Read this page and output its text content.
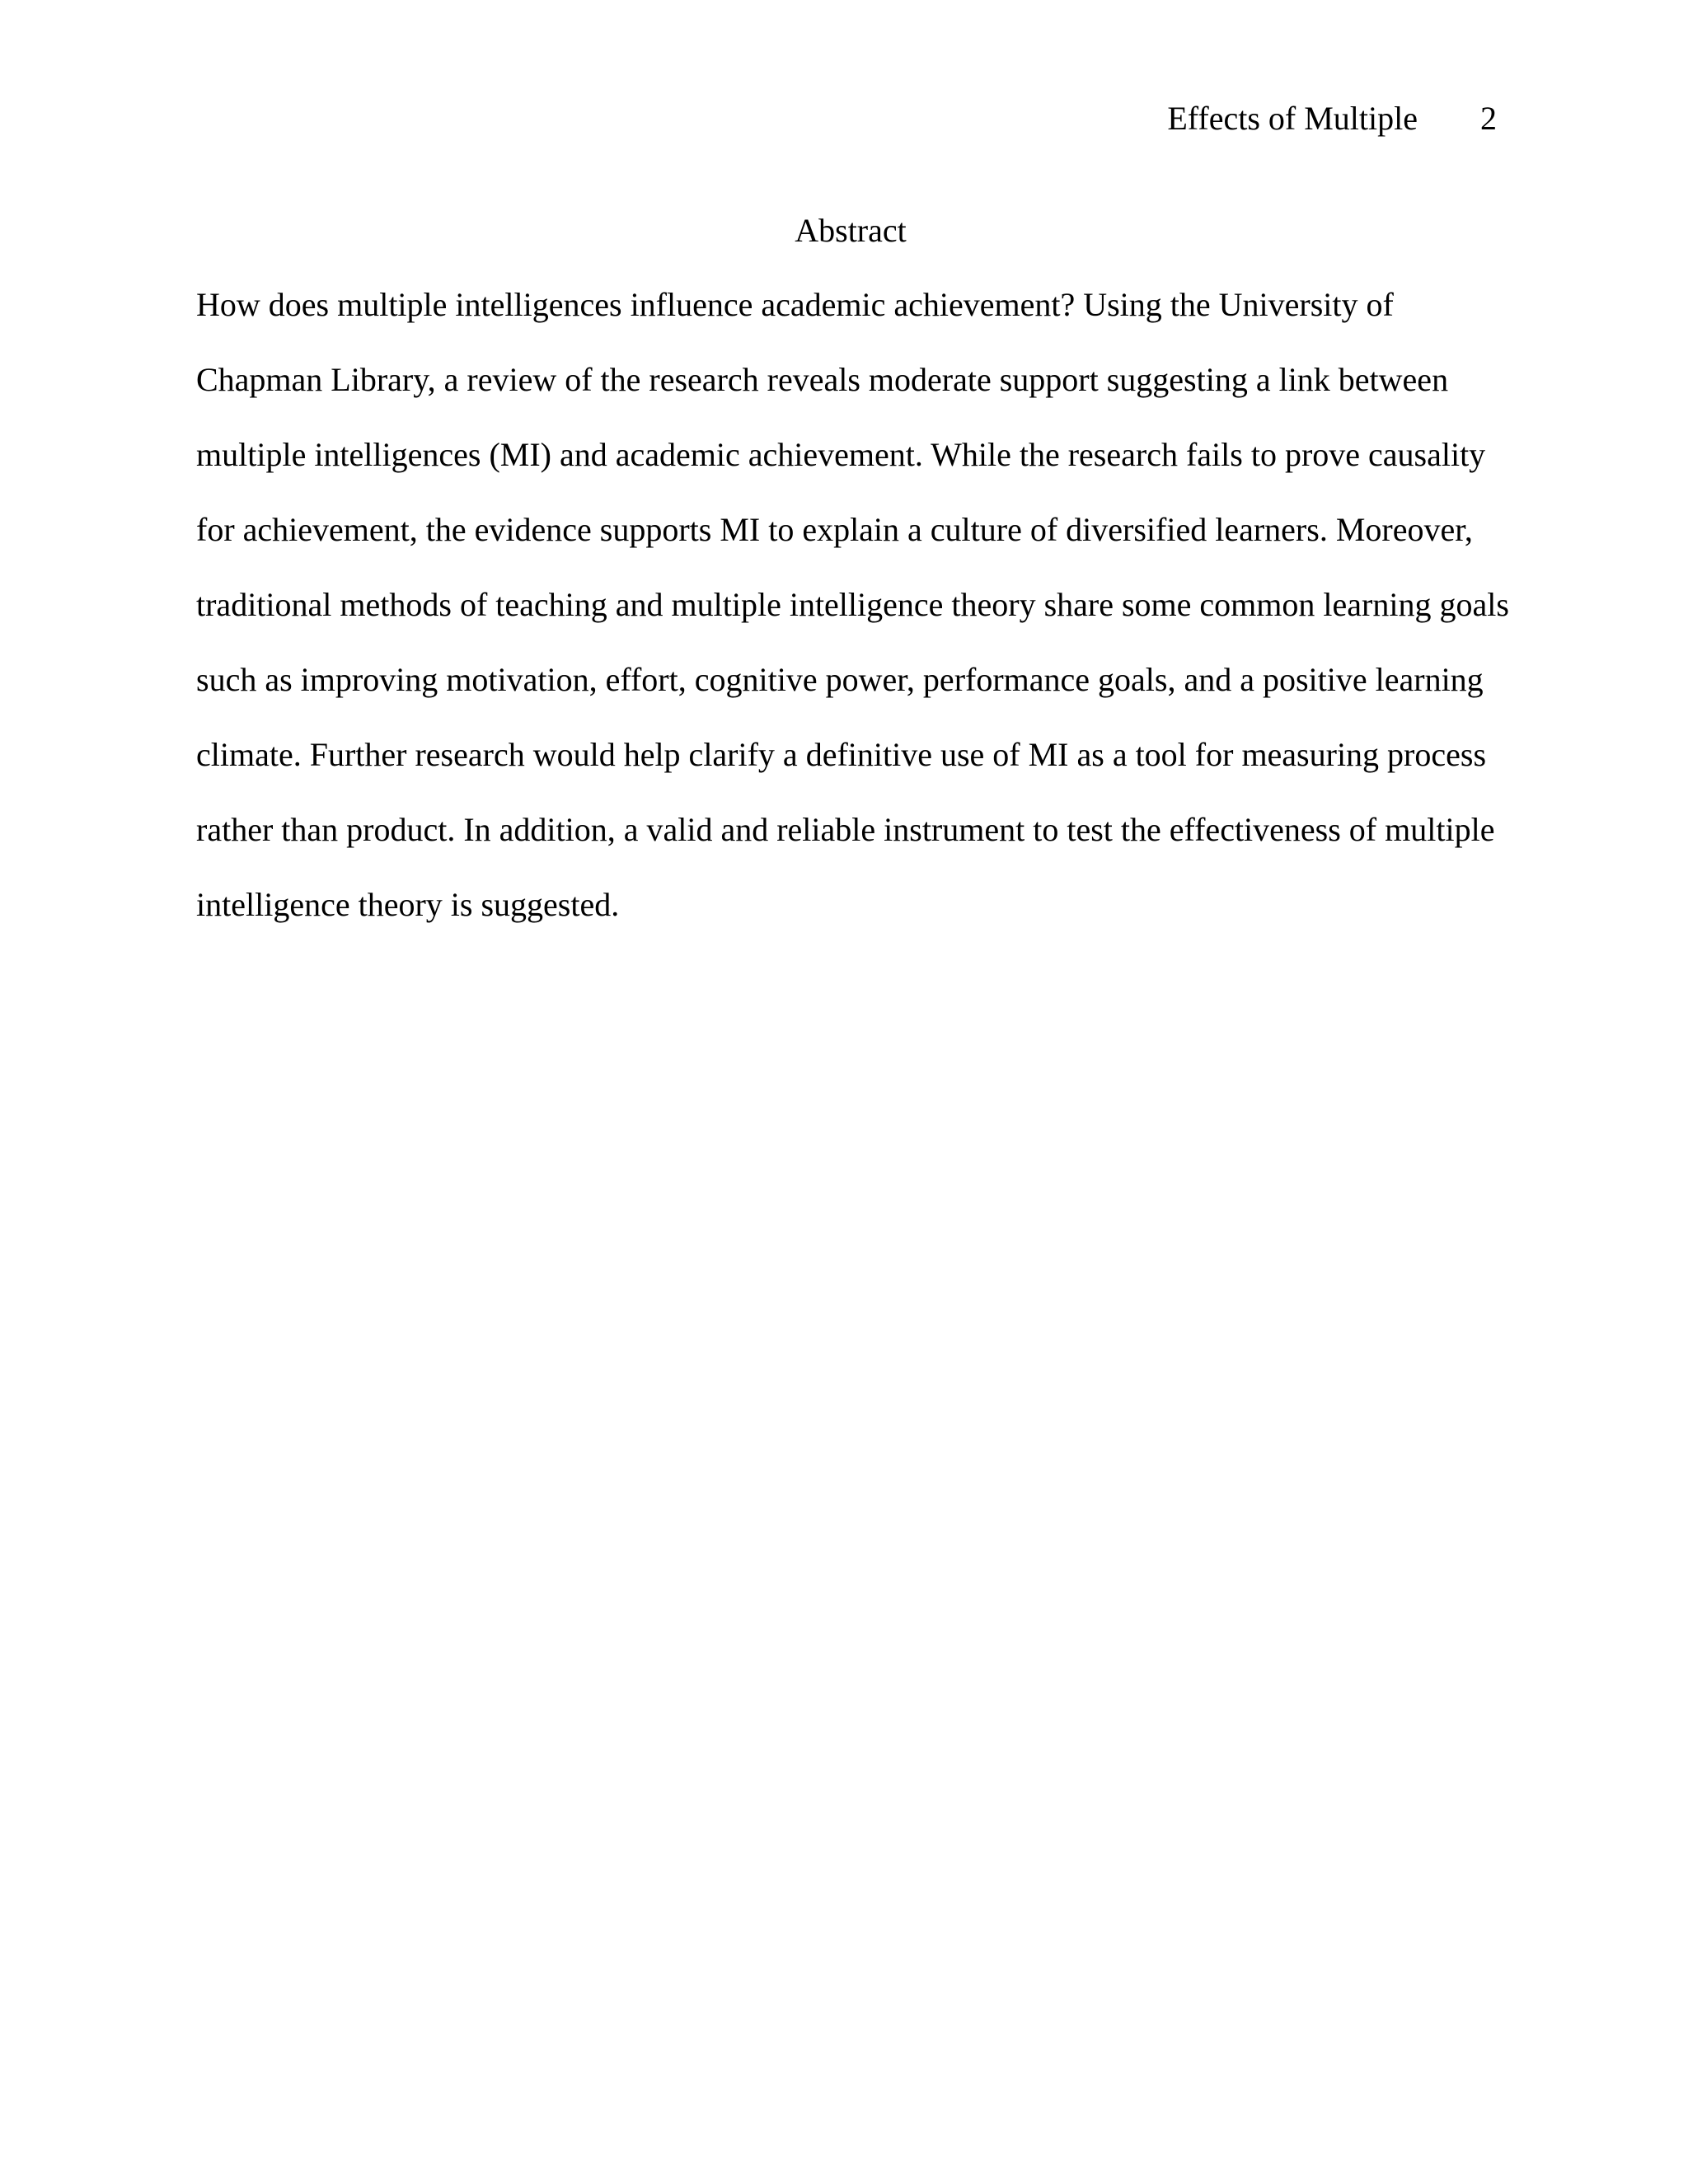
Effects of Multiple 2
Abstract
How does multiple intelligences influence academic achievement? Using the University of
Chapman Library, a review of the research reveals moderate support suggesting a link between
multiple intelligences (MI) and academic achievement. While the research fails to prove causality
for achievement, the evidence supports MI to explain a culture of diversified learners. Moreover,
traditional methods of teaching and multiple intelligence theory share some common learning goals
such as improving motivation, effort, cognitive power, performance goals, and a positive learning
climate. Further research would help clarify a definitive use of MI as a tool for measuring process
rather than product. In addition, a valid and reliable instrument to test the effectiveness of multiple
intelligence theory is suggested.
